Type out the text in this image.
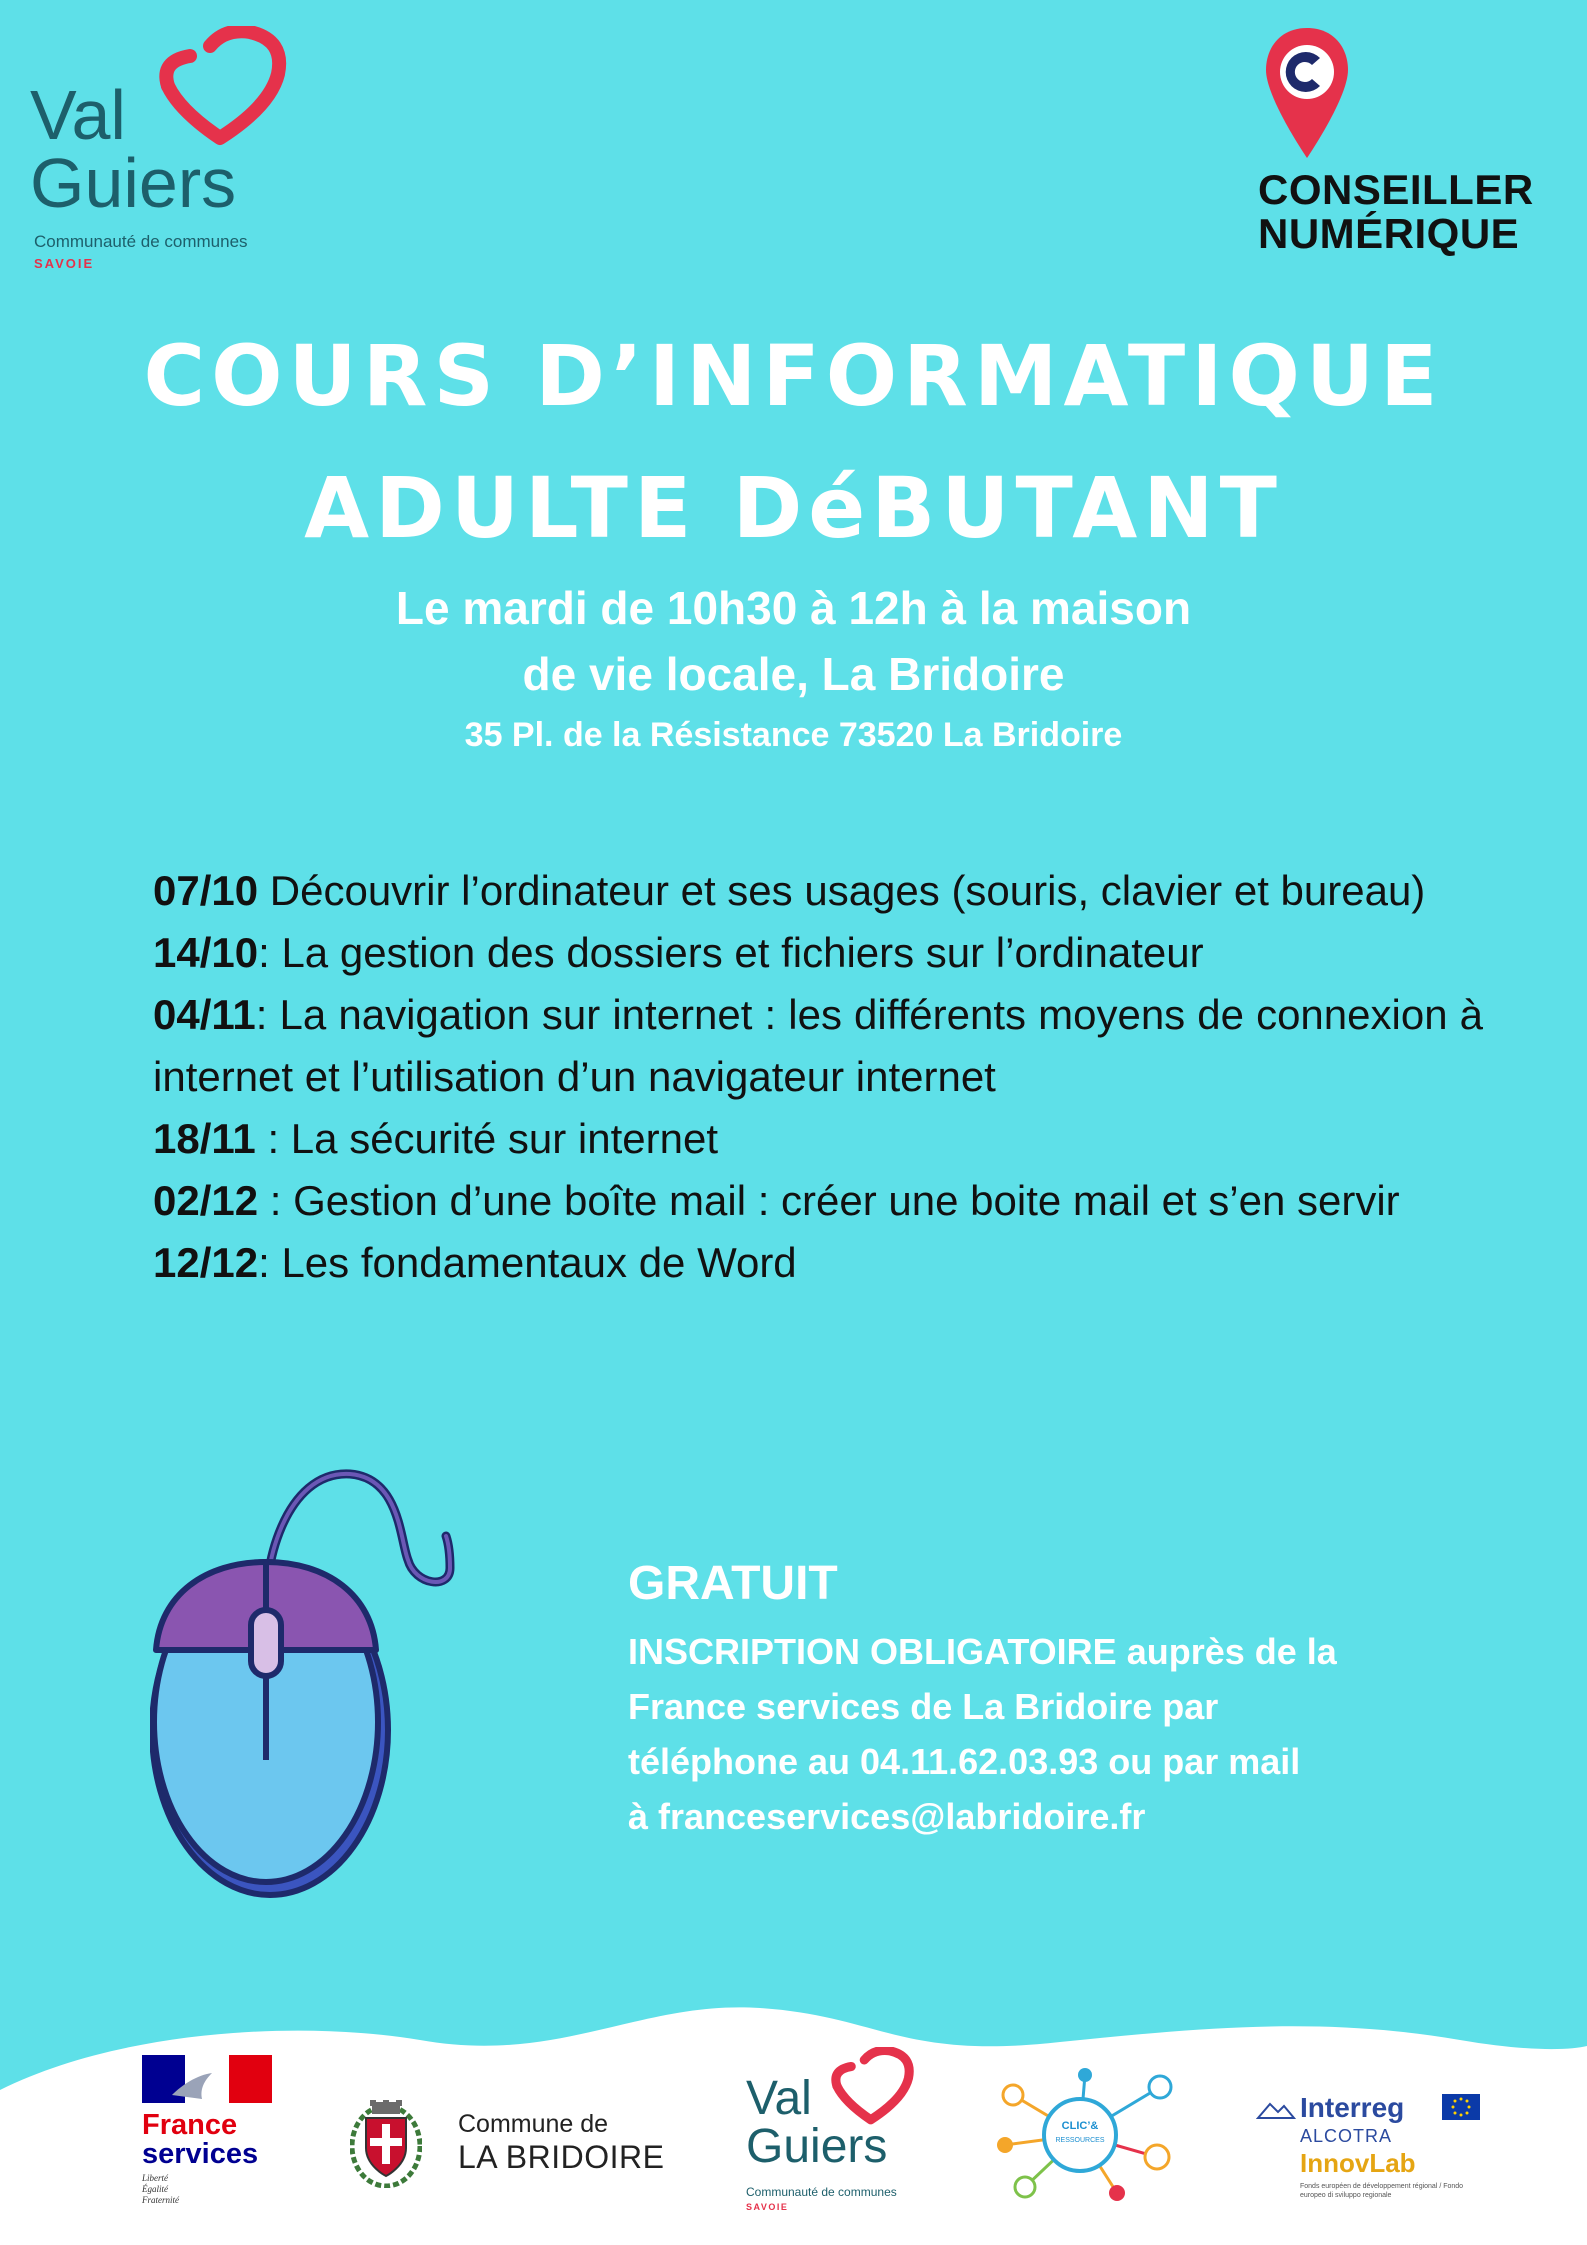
Val
Guiers
Communauté de communes
SAVOIE
CONSEILLER
NUMÉRIQUE
COURS D’INFORMATIQUE
ADULTE DéBUTANT
Le mardi de 10h30 à 12h à la maison
de vie locale, La Bridoire
35 Pl. de la Résistance 73520 La Bridoire

07/10 Découvrir l’ordinateur et ses usages (souris, clavier et bureau)

14/10: La gestion des dossiers et fichiers sur l’ordinateur

04/11: La navigation sur internet : les différents moyens de connexion à internet et l’utilisation d’un navigateur internet

18/11 : La sécurité sur internet

02/12 : Gestion d’une boîte mail : créer une boite mail et s’en servir

12/12: Les fondamentaux de Word

GRATUIT
INSCRIPTION OBLIGATOIRE auprès de la
France services de La Bridoire par
téléphone au 04.11.62.03.93 ou par mail
à franceservices@labridoire.fr
France
services
Liberté
Égalité
Fraternité
Commune de
LA BRIDOIRE
Val
Guiers
Communauté de communes
SAVOIE
CLIC’&
RESSOURCES
Interreg
ALCOTRA
InnovLab
Fonds européen de développement régional / Fondo europeo di sviluppo regionale
